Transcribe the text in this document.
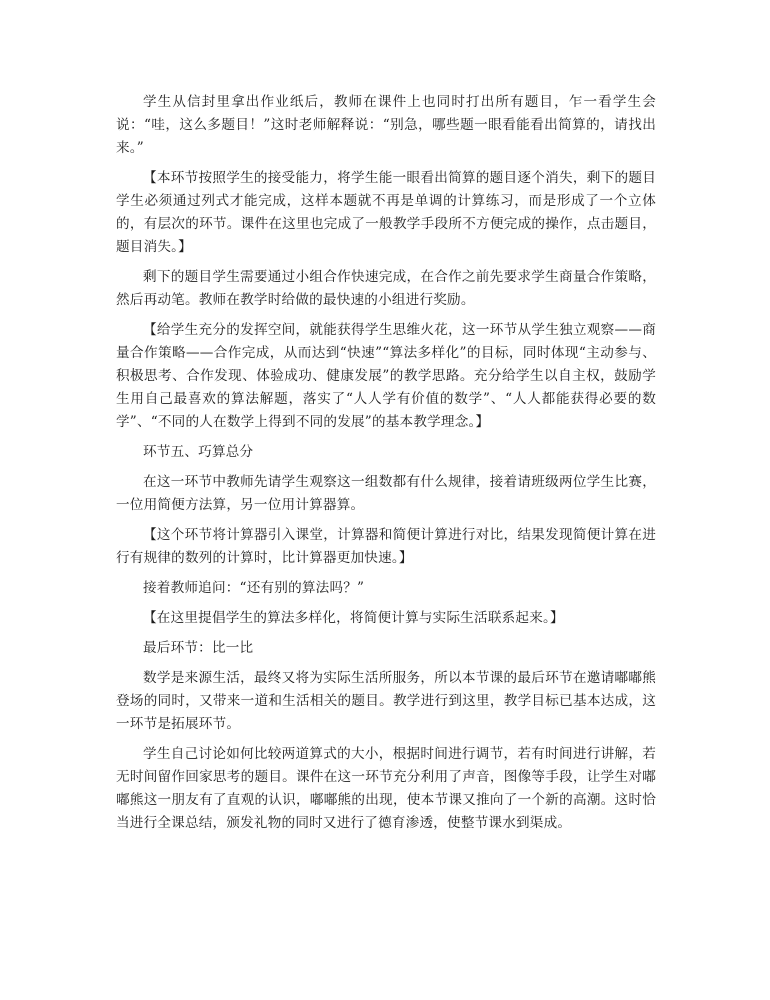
学生从信封里拿出作业纸后，教师在课件上也同时打出所有题目，乍一看学生会说：“哇，这么多题目！”这时老师解释说：“别急，哪些题一眼看能看出简算的，请找出来。”

【本环节按照学生的接受能力，将学生能一眼看出简算的题目逐个消失，剩下的题目学生必须通过列式才能完成，这样本题就不再是单调的计算练习，而是形成了一个立体的，有层次的环节。课件在这里也完成了一般教学手段所不方便完成的操作，点击题目，题目消失。】

剩下的题目学生需要通过小组合作快速完成，在合作之前先要求学生商量合作策略，然后再动笔。教师在教学时给做的最快速的小组进行奖励。

【给学生充分的发挥空间，就能获得学生思维火花，这一环节从学生独立观察——商量合作策略——合作完成，从而达到“快速”“算法多样化”的目标，同时体现“主动参与、积极思考、合作发现、体验成功、健康发展”的教学思路。充分给学生以自主权，鼓励学生用自己最喜欢的算法解题，落实了“人人学有价值的数学”、“人人都能获得必要的数学”、“不同的人在数学上得到不同的发展”的基本教学理念。】

环节五、巧算总分

在这一环节中教师先请学生观察这一组数都有什么规律，接着请班级两位学生比赛，一位用简便方法算，另一位用计算器算。

【这个环节将计算器引入课堂，计算器和简便计算进行对比，结果发现简便计算在进行有规律的数列的计算时，比计算器更加快速。】

接着教师追问：“还有别的算法吗？”

【在这里提倡学生的算法多样化，将简便计算与实际生活联系起来。】

最后环节：比一比

数学是来源生活，最终又将为实际生活所服务，所以本节课的最后环节在邀请嘟嘟熊登场的同时，又带来一道和生活相关的题目。教学进行到这里，教学目标已基本达成，这一环节是拓展环节。

学生自己讨论如何比较两道算式的大小，根据时间进行调节，若有时间进行讲解，若无时间留作回家思考的题目。课件在这一环节充分利用了声音，图像等手段，让学生对嘟嘟熊这一朋友有了直观的认识，嘟嘟熊的出现，使本节课又推向了一个新的高潮。这时恰当进行全课总结，颁发礼物的同时又进行了德育渗透，使整节课水到渠成。
